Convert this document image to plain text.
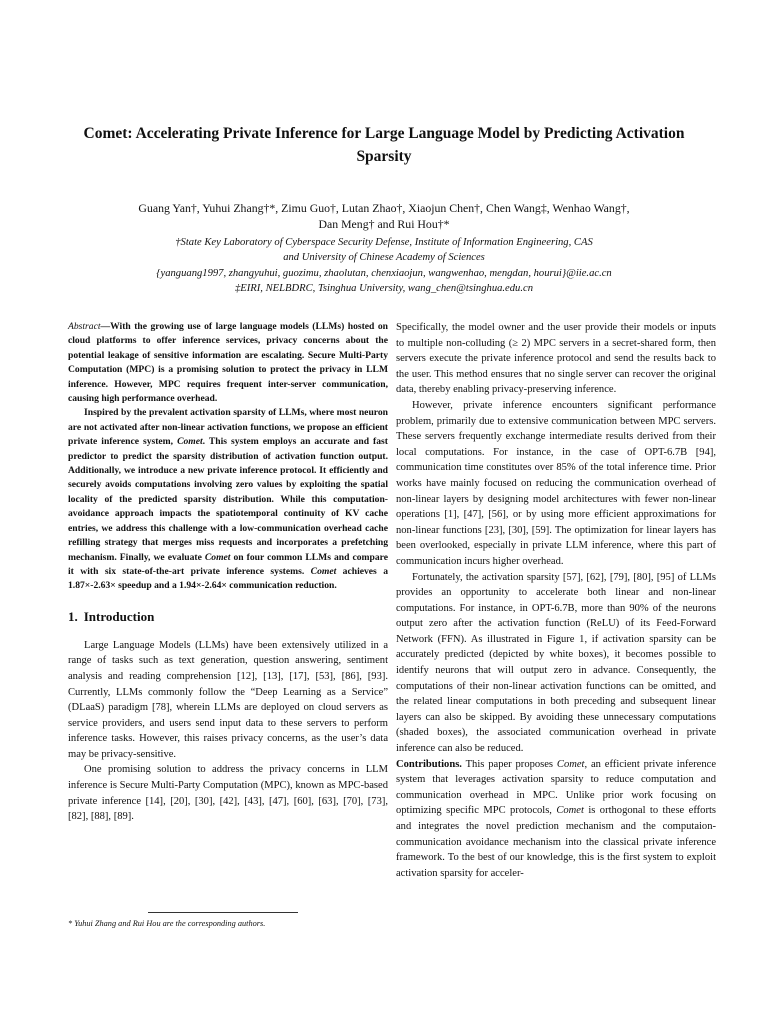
Comet: Accelerating Private Inference for Large Language Model by Predicting Activation Sparsity
Guang Yan†, Yuhui Zhang†*, Zimu Guo†, Lutan Zhao†, Xiaojun Chen†, Chen Wang‡, Wenhao Wang†,
Dan Meng† and Rui Hou†*
†State Key Laboratory of Cyberspace Security Defense, Institute of Information Engineering, CAS
and University of Chinese Academy of Sciences
{yanguang1997, zhangyuhui, guozimu, zhaolutan, chenxiaojun, wangwenhao, mengdan, hourui}@iie.ac.cn
‡EIRI, NELBDRC, Tsinghua University, wang_chen@tsinghua.edu.cn

Abstract—With the growing use of large language models (LLMs) hosted on cloud platforms to offer inference services, privacy concerns about the potential leakage of sensitive information are escalating. Secure Multi-Party Computation (MPC) is a promising solution to protect the privacy in LLM inference. However, MPC requires frequent inter-server communication, causing high performance overhead.

Inspired by the prevalent activation sparsity of LLMs, where most neuron are not activated after non-linear activation functions, we propose an efficient private inference system, Comet. This system employs an accurate and fast predictor to predict the sparsity distribution of activation function output. Additionally, we introduce a new private inference protocol. It efficiently and securely avoids computations involving zero values by exploiting the spatial locality of the predicted sparsity distribution. While this computation-avoidance approach impacts the spatiotemporal continuity of KV cache entries, we address this challenge with a low-communication overhead cache refilling strategy that merges miss requests and incorporates a prefetching mechanism. Finally, we evaluate Comet on four common LLMs and compare it with six state-of-the-art private inference systems. Comet achieves a 1.87×-2.63× speedup and a 1.94×-2.64× communication reduction.

1. Introduction

Large Language Models (LLMs) have been extensively utilized in a range of tasks such as text generation, question answering, sentiment analysis and reading comprehension [12], [13], [17], [53], [86], [93]. Currently, LLMs commonly follow the “Deep Learning as a Service” (DLaaS) paradigm [78], wherein LLMs are deployed on cloud servers as service providers, and users send input data to these servers to perform inference tasks. However, this raises privacy concerns, as the user’s data may be privacy-sensitive.

One promising solution to address the privacy concerns in LLM inference is Secure Multi-Party Computation (MPC), known as MPC-based private inference [14], [20], [30], [42], [43], [47], [60], [63], [70], [73], [82], [88], [89].

* Yuhui Zhang and Rui Hou are the corresponding authors.

Specifically, the model owner and the user provide their models or inputs to multiple non-colluding (≥ 2) MPC servers in a secret-shared form, then servers execute the private inference protocol and send the results back to the user. This method ensures that no single server can recover the original data, thereby enabling privacy-preserving inference.

However, private inference encounters significant performance problem, primarily due to extensive communication between MPC servers. These servers frequently exchange intermediate results derived from their local computations. For instance, in the case of OPT-6.7B [94], communication time constitutes over 85% of the total inference time. Prior works have mainly focused on reducing the communication overhead of non-linear layers by designing model architectures with fewer non-linear operations [1], [47], [56], or by using more efficient approximations for non-linear functions [23], [30], [59]. The optimization for linear layers has been overlooked, especially in private LLM inference, where this part of communication incurs higher overhead.

Fortunately, the activation sparsity [57], [62], [79], [80], [95] of LLMs provides an opportunity to accelerate both linear and non-linear computations. For instance, in OPT-6.7B, more than 90% of the neurons output zero after the activation function (ReLU) of its Feed-Forward Network (FFN). As illustrated in Figure 1, if activation sparsity can be accurately predicted (depicted by white boxes), it becomes possible to identify neurons that will output zero in advance. Consequently, the computations of their non-linear activation functions can be omitted, and the related linear computations in both preceding and subsequent linear layers can also be skipped. By avoiding these unnecessary computations (shaded boxes), the associated communication overhead in private inference can also be reduced.

Contributions. This paper proposes Comet, an efficient private inference system that leverages activation sparsity to reduce computation and communication overhead in MPC. Unlike prior work focusing on optimizing specific MPC protocols, Comet is orthogonal to these efforts and integrates the novel prediction mechanism and the computaion-communication avoidance mechanism into the classical private inference framework. To the best of our knowledge, this is the first system to exploit activation sparsity for acceler-
